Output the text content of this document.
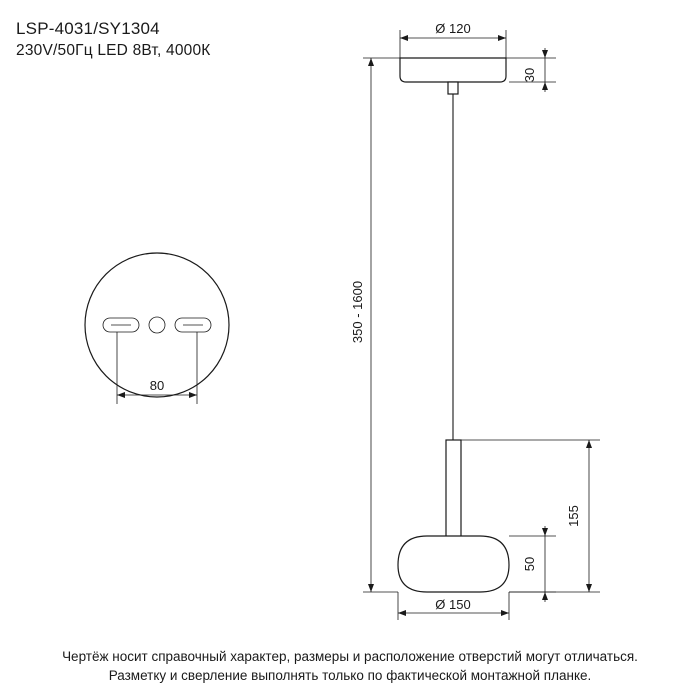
LSP-4031/SY1304
230V/50Гц LED 8Вт, 4000К
80
Ø 120
30
350 - 1600
155
50
Ø 150
Чертёж носит справочный характер, размеры и расположение отверстий могут отличаться.
Разметку и сверление выполнять только по фактической монтажной планке.
